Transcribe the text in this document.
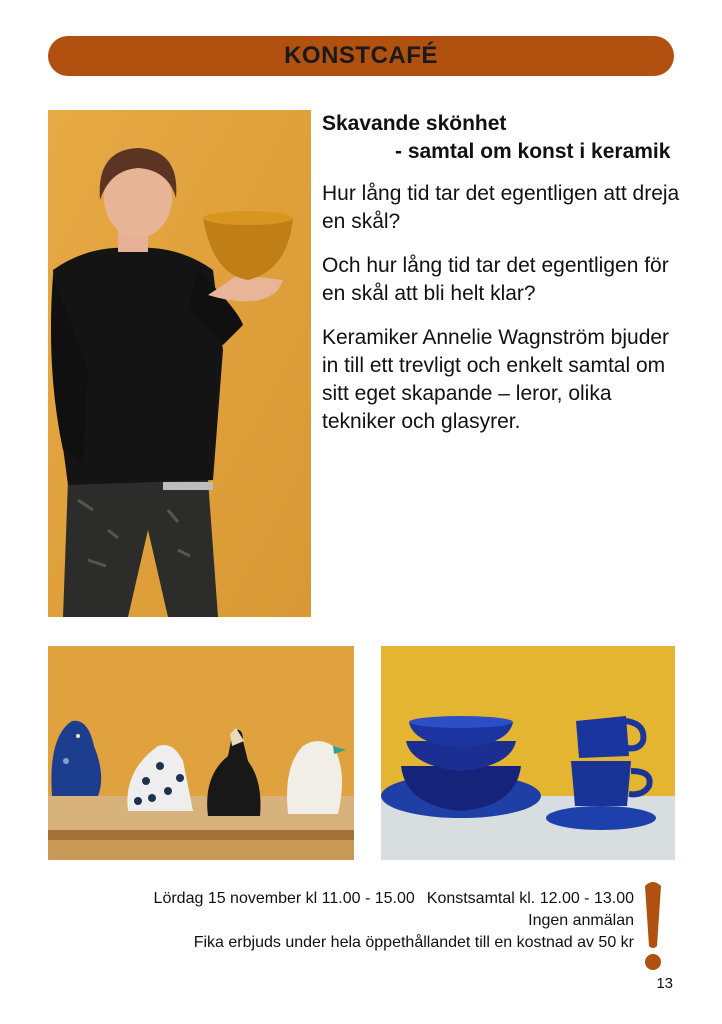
KONSTCAFÉ

Skavande skönhet

- samtal om konst i keramik

Hur lång tid tar det egentligen att dreja en skål?

Och hur lång tid tar det egentligen för en skål att bli helt klar?

Keramiker Annelie Wagnström bjuder in till ett trevligt och enkelt samtal om sitt eget skapande – leror, olika tekniker och glasyrer.

Lördag 15 november kl 11.00 - 15.00 Konstsamtal kl. 12.00 - 13.00
Ingen anmälan
Fika erbjuds under hela öppethållandet till en kostnad av 50 kr
13
